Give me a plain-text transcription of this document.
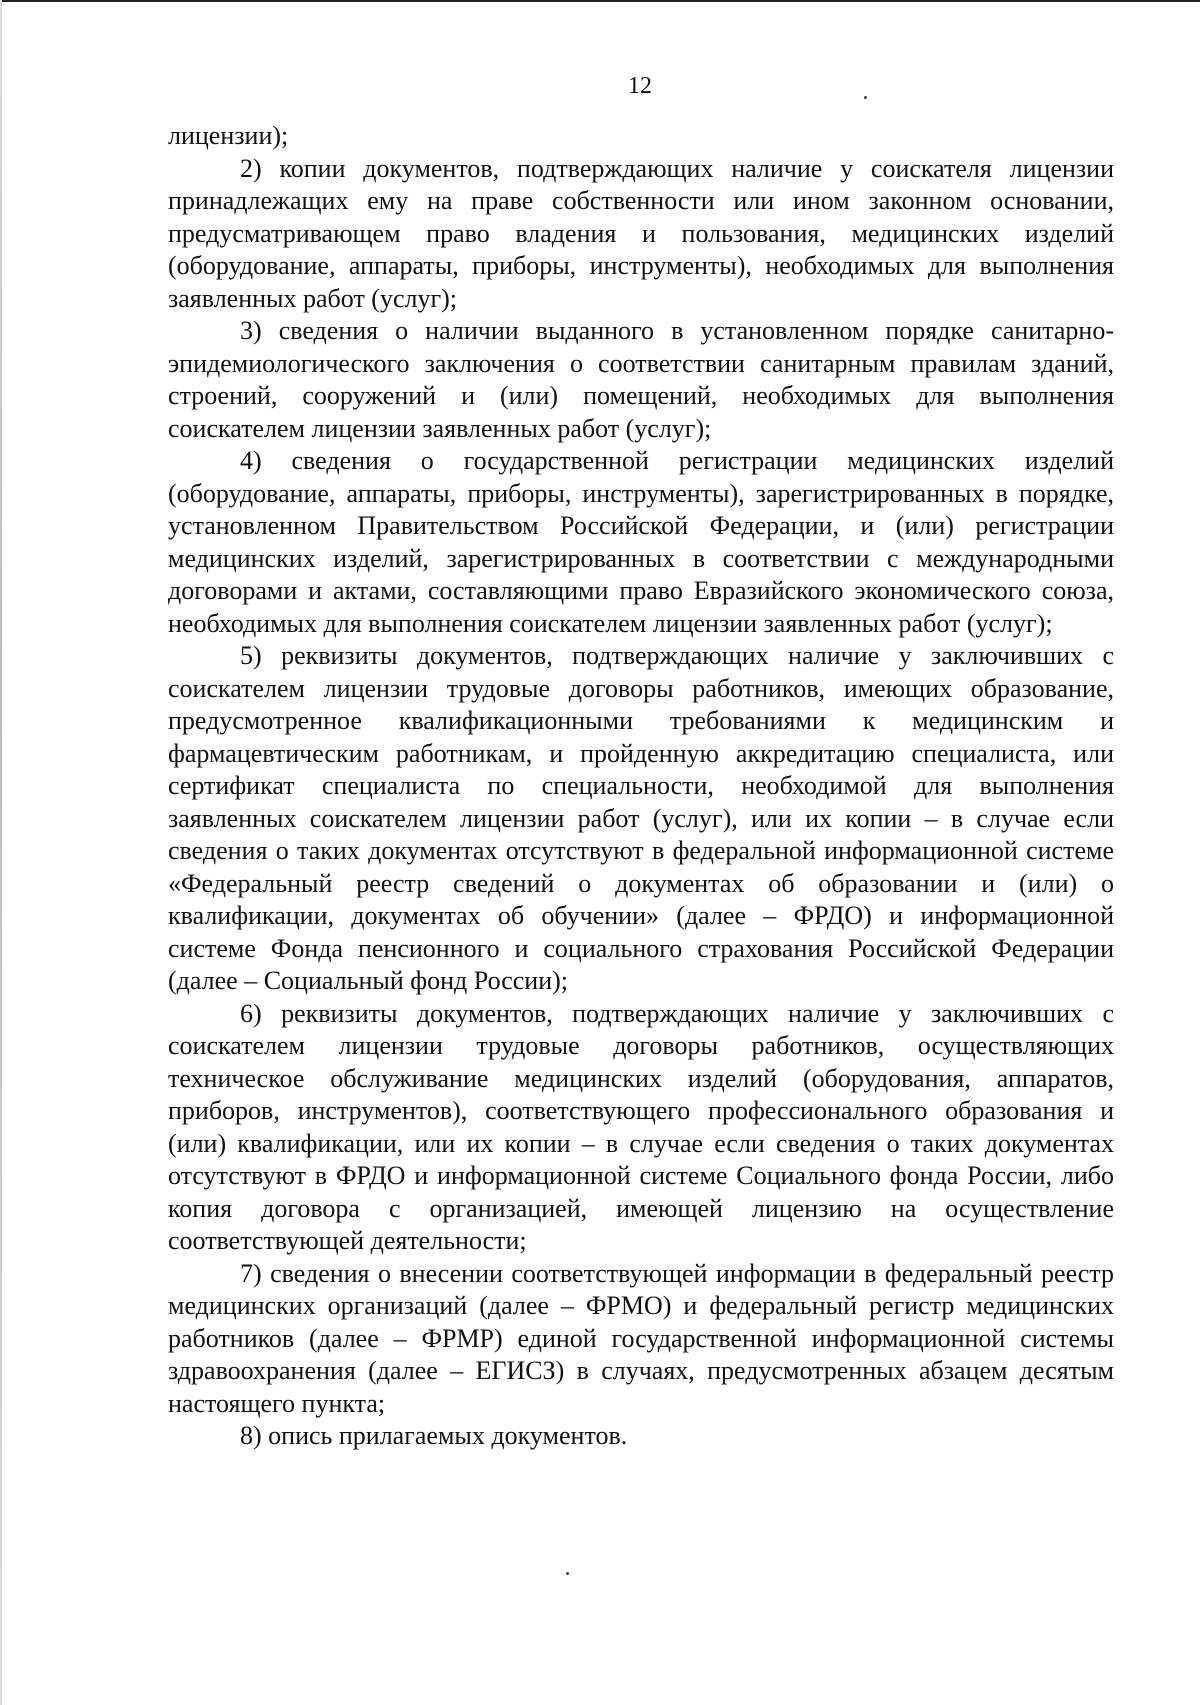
12

лицензии);

2) копии документов, подтверждающих наличие у соискателя лицензии принадлежащих ему на праве собственности или ином законном основании, предусматривающем право владения и пользования, медицинских изделий (оборудование, аппараты, приборы, инструменты), необходимых для выполнения заявленных работ (услуг);

3) сведения о наличии выданного в установленном порядке санитарно-эпидемиологического заключения о соответствии санитарным правилам зданий, строений, сооружений и (или) помещений, необходимых для выполнения соискателем лицензии заявленных работ (услуг);

4) сведения о государственной регистрации медицинских изделий (оборудование, аппараты, приборы, инструменты), зарегистрированных в порядке, установленном Правительством Российской Федерации, и (или) регистрации медицинских изделий, зарегистрированных в соответствии с международными договорами и актами, составляющими право Евразийского экономического союза, необходимых для выполнения соискателем лицензии заявленных работ (услуг);

5) реквизиты документов, подтверждающих наличие у заключивших с соискателем лицензии трудовые договоры работников, имеющих образование, предусмотренное квалификационными требованиями к медицинским и фармацевтическим работникам, и пройденную аккредитацию специалиста, или сертификат специалиста по специальности, необходимой для выполнения заявленных соискателем лицензии работ (услуг), или их копии – в случае если сведения о таких документах отсутствуют в федеральной информационной системе «Федеральный реестр сведений о документах об образовании и (или) о квалификации, документах об обучении» (далее – ФРДО) и информационной системе Фонда пенсионного и социального страхования Российской Федерации (далее – Социальный фонд России);

6) реквизиты документов, подтверждающих наличие у заключивших с соискателем лицензии трудовые договоры работников, осуществляющих техническое обслуживание медицинских изделий (оборудования, аппаратов, приборов, инструментов), соответствующего профессионального образования и (или) квалификации, или их копии – в случае если сведения о таких документах отсутствуют в ФРДО и информационной системе Социального фонда России, либо копия договора с организацией, имеющей лицензию на осуществление соответствующей деятельности;

7) сведения о внесении соответствующей информации в федеральный реестр медицинских организаций (далее – ФРМО) и федеральный регистр медицинских работников (далее – ФРМР) единой государственной информационной системы здравоохранения (далее – ЕГИСЗ) в случаях, предусмотренных абзацем десятым настоящего пункта;

8) опись прилагаемых документов.
